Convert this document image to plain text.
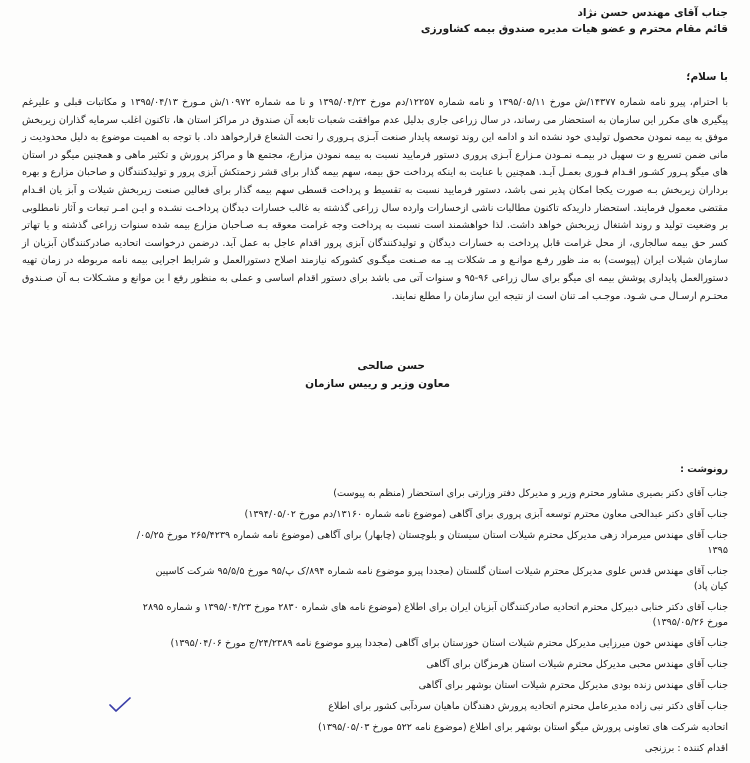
جناب آقای مهندس حسن نژاد
قائم مقام محترم و عضو هیات مدیره صندوق بیمه کشاورزی
با سلام؛
با احترام، پیرو نامه شماره ۱۴۳۷۷/ش مورخ ۱۳۹۵/۰۵/۱۱ و نامه شماره ۱۲۲۵۷/دم مورخ ۱۳۹۵/۰۴/۲۳ و نا مه شماره ۱۰۹۷۲/ش مـورخ ۱۳۹۵/۰۴/۱۳ و مکاتبات قبلی و علیرغم پیگیری های مکرر این سازمان به استحضار می رساند، در سال زراعی جاری بدلیل عدم موافقت شعبات تابعه آن صندوق در مراکز استان ها، تاکنون اغلب سرمایه گذاران زیربخش موفق به بیمه نمودن محصول تولیدی خود نشده اند و ادامه این روند توسعه پایدار صنعت آبـزی پـروری را تحت الشعاع قرارخواهد داد. با توجه به اهمیت موضوع به دلیل محدودیت ز مانی ضمن تسریع و ت سهیل در بیمـه نمـودن مـزارع آبـزی پروری دستور فرمایید نسبت به بیمه نمودن مزارع، مجتمع ها و مراکز پرورش و تکثیر ماهی و همچنین میگو در استان های میگو پـرور کشـور اقـدام فـوری بعمـل آیـد. همچنین با عنایت به اینکه پرداخت حق بیمه، سهم بیمه گذار برای قشر زحمتکش آبزی پرور و تولیدکنندگان و صاحبان مزارع و بهره برداران زیربخش بـه صورت یکجا امکان پذیر نمی باشد، دستور فرمایید نسبت به تقسیط و پرداخت قسطی سهم بیمه گذار برای فعالین صنعت زیربخش شیلات و آبز یان اقـدام مقتضی معمول فرمایند. استحضار داریدکه تاکنون مطالبات ناشی ازخسارات وارده سال زراعی گذشته به غالب خسارات دیدگان پرداخـت نشـده و ایـن امـر تبعات و آثار نامطلوبی بر وضعیت تولید و روند اشتغال زیربخش خواهد داشت. لذا خواهشمند است نسبت به پرداخت وجه غرامت معوقه بـه صـاحبان مزارع بیمه شده سنوات زراعی گذشته و یا تهاتر کسر حق بیمه سالجاری، از محل غرامت قابل پرداخت به خسارات دیدگان و تولیدکنندگان آبزی پرور اقدام عاجل به عمل آید. درضمن درخواست اتحادیه صادرکنندگان آبزیان از سازمان شیلات ایران (پیوست) به منـ ظور رفـع موانـع و مـ شکلات پیـ مه صـنعت میگـوی کشورکه نیازمند اصلاح دستورالعمل و شرایط اجرایی بیمه نامه مربوطه در زمان تهیه دستورالعمل پایداری پوشش بیمه ای میگو برای سال زراعی ۹۶-۹۵ و سنوات آتی می باشد برای دستور اقدام اساسی و عملی به منظور رفع ا ین موانع و مشـکلات بـه آن صـندوق محتـرم ارسـال مـی شـود. موجـب امـ تنان است از نتیجه این سازمان را مطلع نمایند.
حسن صالحی
معاون وزیر و رییس سازمان
رونوشت :
جناب آقای دکتر بصیری مشاور محترم وزیر و مدیرکل دفتر وزارتی برای استحضار (منظم به پیوست)
جناب آقای دکتر عبدالحی معاون محترم توسعه آبزی پروری برای آگاهی (موضوع نامه شماره ۱۳۱۶۰/دم مورخ ۱۳۹۴/۰۵/۰۲)
جناب آقای مهندس میرمراد زهی مدیرکل محترم شیلات استان سیستان و بلوچستان (چابهار) برای آگاهی (موضوع نامه شماره ۲۶۵/۴۲۳۹ مورخ ۰۵/۲۵/
۱۳۹۵
جناب آقای مهندس قدس علوی مدیرکل محترم شیلات استان گلستان (مجددا پیرو موضوع نامه شماره ۸۹۴/ک پ/۹۵ مورخ ۹۵/۵/۵ شرکت کاسپین
کیان پاد)
جناب آقای دکتر خنابی دبیرکل محترم اتحادیه صادرکنندگان آبزیان ایران برای اطلاع (موضوع نامه های شماره ۲۸۳۰ مورخ ۱۳۹۵/۰۴/۲۳ و شماره ۲۸۹۵
مورخ ۱۳۹۵/۰۵/۲۶)
جناب آقای مهندس خون میرزایی مدیرکل محترم شیلات استان خوزستان برای آگاهی (مجددا پیرو موضوع نامه ۲۴/۲۳۸۹/ج مورخ ۱۳۹۵/۰۴/۰۶)
جناب آقای مهندس محبی مدیرکل محترم شیلات استان هرمزگان برای آگاهی
جناب آقای مهندس زنده بودی مدیرکل محترم شیلات استان بوشهر برای آگاهی
جناب آقای دکتر نبی زاده مدیرعامل محترم اتحادیه پرورش دهندگان ماهیان سردآبی کشور برای اطلاع
اتحادیه شرکت های تعاونی پرورش میگو استان بوشهر برای اطلاع (موضوع نامه ۵۲۲ مورخ ۱۳۹۵/۰۵/۰۳)
اقدام کننده : برزنجی
